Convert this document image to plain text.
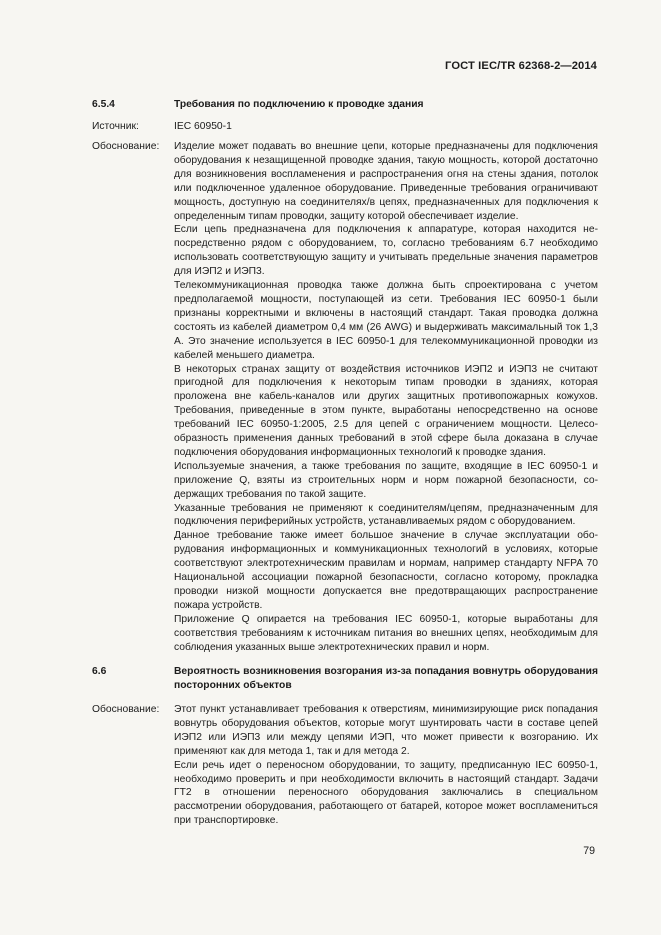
ГОСТ IEC/TR 62368-2—2014
6.5.4	Требования по подключению к проводке здания
Источник:	IEC 60950-1
Обоснование:	Изделие может подавать во внешние цепи, которые предназначены для подключения оборудования к незащищенной проводке здания, такую мощность, которой достаточно для возникновения воспламенения и распространения огня на стены здания, потолок или подключенное удаленное оборудование. Приведенные требования ограничивают мощность, доступную на соединителях/в цепях, предназначенных для подключения к определенным типам проводки, защиту которой обеспечивает изделие.

Если цепь предназначена для подключения к аппаратуре, которая находится непосредственно рядом с оборудованием, то, согласно требованиям 6.7 необходимо использовать соответствующую защиту и учитывать предельные значения параметров для ИЭП2 и ИЭП3.

Телекоммуникационная проводка также должна быть спроектирована с учетом предполагаемой мощности, поступающей из сети. Требования IEC 60950-1 были признаны корректными и включены в настоящий стандарт. Такая проводка должна состоять из кабелей диаметром 0,4 мм (26 AWG) и выдерживать максимальный ток 1,3 А. Это значение используется в IEC 60950-1 для телекоммуникационной проводки из кабелей меньшего диаметра.

В некоторых странах защиту от воздействия источников ИЭП2 и ИЭП3 не считают пригодной для подключения к некоторым типам проводки в зданиях, которая проложена вне кабель-каналов или других защитных противопожарных кожухов. Требования, приведенные в этом пункте, выработаны непосредственно на основе требований IEC 60950-1:2005, 2.5 для цепей с ограничением мощности. Целесообразность применения данных требований в этой сфере была доказана в случае подключения оборудования информационных технологий к проводке здания.

Используемые значения, а также требования по защите, входящие в IEC 60950-1 и приложение Q, взяты из строительных норм и норм пожарной безопасности, содержащих требования по такой защите.

Указанные требования не применяют к соединителям/цепям, предназначенным для подключения периферийных устройств, устанавливаемых рядом с оборудованием.

Данное требование также имеет большое значение в случае эксплуатации оборудования информационных и коммуникационных технологий в условиях, которые соответствуют электротехническим правилам и нормам, например стандарту NFPA 70 Национальной ассоциации пожарной безопасности, согласно которому, прокладка проводки низкой мощности допускается вне предотвращающих распространение пожара устройств.

Приложение Q опирается на требования IEC 60950-1, которые выработаны для соответствия требованиям к источникам питания во внешних цепях, необходимым для соблюдения указанных выше электротехнических правил и норм.

6.6	Вероятность возникновения возгорания из-за попадания вовнутрь оборудования посторонних объектов
Обоснование:	Этот пункт устанавливает требования к отверстиям, минимизирующие риск попадания вовнутрь оборудования объектов, которые могут шунтировать части в составе цепей ИЭП2 или ИЭП3 или между цепями ИЭП, что может привести к возгоранию. Их применяют как для метода 1, так и для метода 2.

Если речь идет о переносном оборудовании, то защиту, предписанную IEC 60950-1, необходимо проверить и при необходимости включить в настоящий стандарт. Задачи ГТ2 в отношении переносного оборудования заключались в специальном рассмотрении оборудования, работающего от батарей, которое может воспламениться при транспортировке.

79
